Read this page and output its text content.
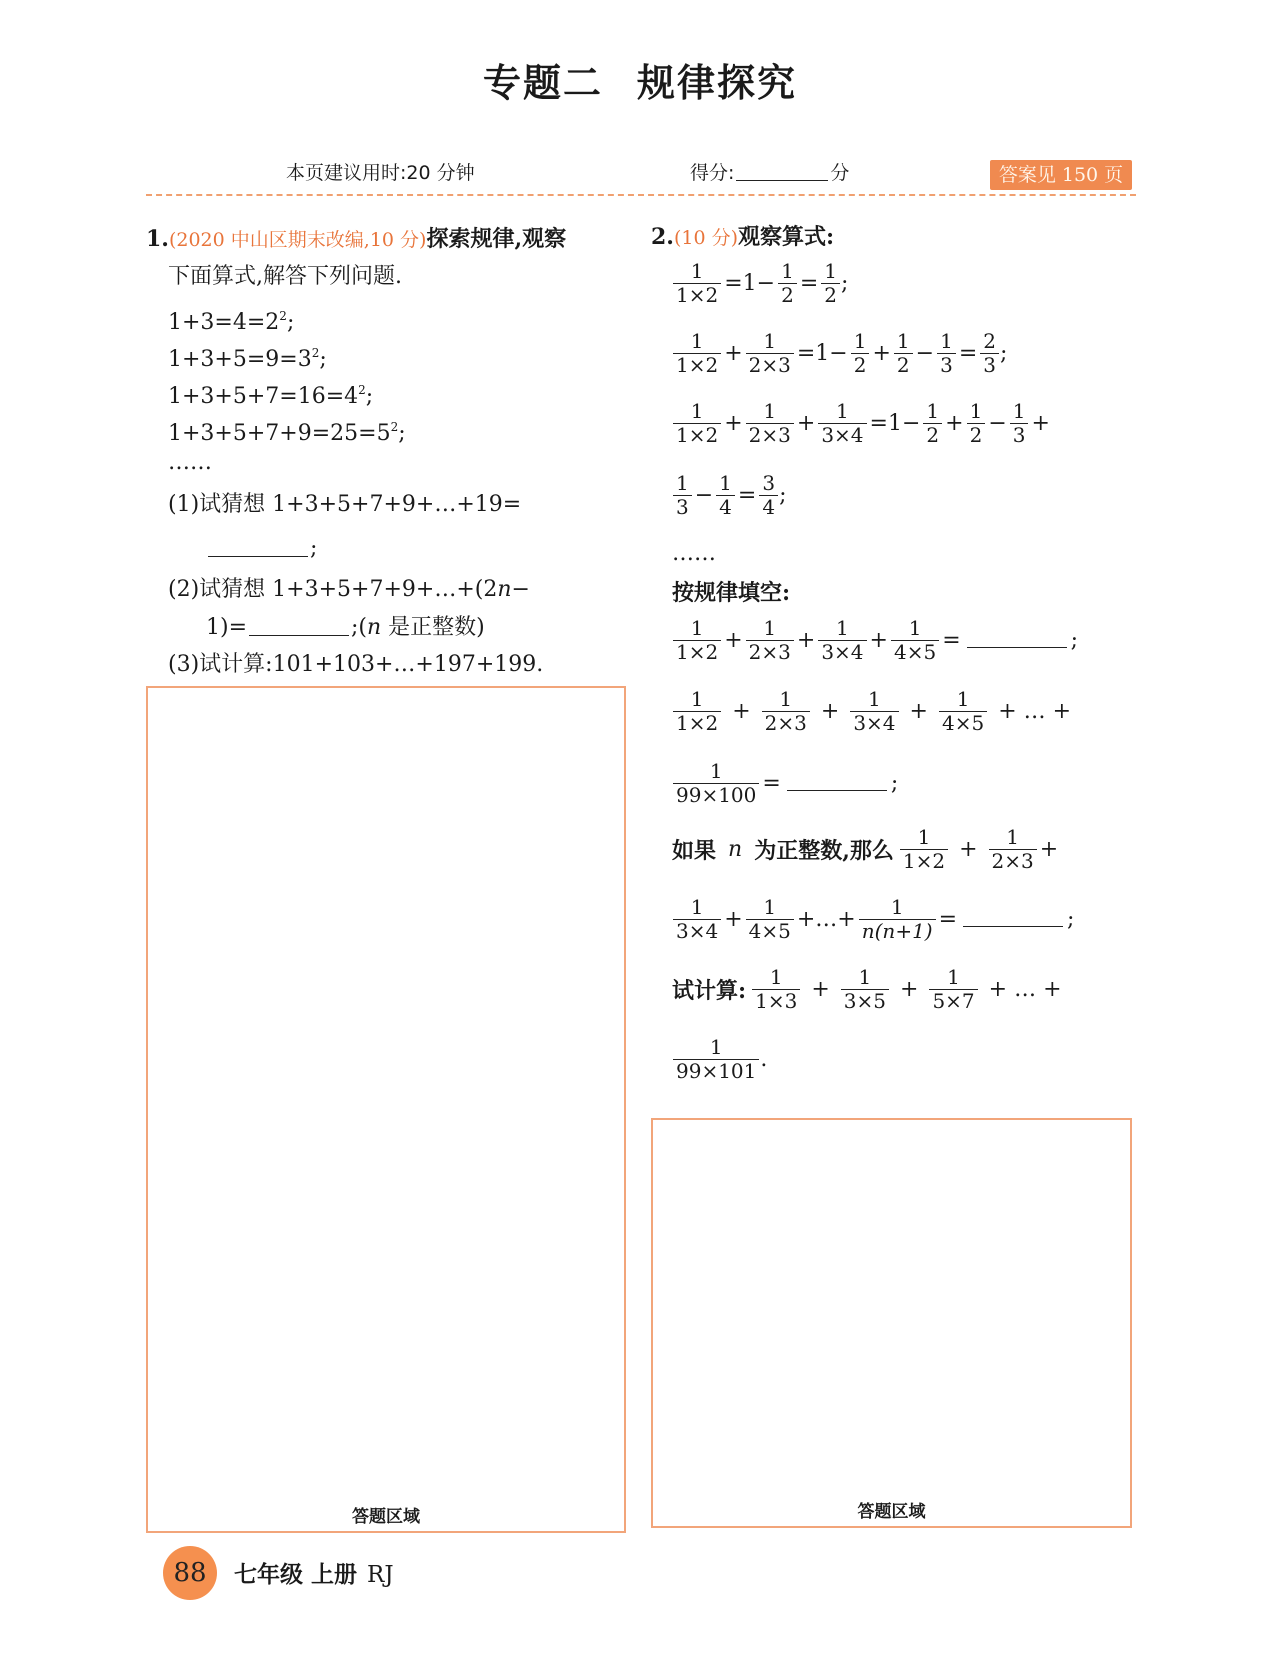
专题二 规律探究
本页建议用时:20 分钟	得分:	分	答案见 150 页
1.(2020 中山区期末改编,10 分)探索规律,观察
下面算式,解答下列问题.
$1+3=4=2^2$;
$1+3+5=9=3^2$;
$1+3+5+7=16=4^2$;
$1+3+5+7+9=25=5^2$;
……
(1)试猜想 1+3+5+7+9+…+19=
;
(2)试猜想 1+3+5+7+9+…+(2n−
1)=	;(n 是正整数)
(3)试计算:101+103+…+197+199.
答题区域
2.(10 分)观察算式:
$\frac{1}{1\times 2} =1- \frac{1}{2} = \frac{1}{2}$ ;
$\frac{1}{1\times 2} + \frac{1}{2\times 3} =1- \frac{1}{2} + \frac{1}{2} - \frac{1}{3} = \frac{2}{3}$ ;
$\frac{1}{1\times 2} + \frac{1}{2\times 3} + \frac{1}{3\times 4} =1- \frac{1}{2} + \frac{1}{2} - \frac{1}{3}$ +
$\frac{1}{3} - \frac{1}{4} = \frac{3}{4}$ ;
……
按规律填空:
$\frac{1}{1\times 2} + \frac{1}{2\times 3} + \frac{1}{3\times 4} + \frac{1}{4\times 5}$ =	;
$\frac{1}{1\times 2} + \frac{1}{2\times 3} + \frac{1}{3\times 4} + \frac{1}{4\times 5}$ + … +
$\frac{1}{99\times 100}$ =	;
如果 n 为正整数,那么 $\frac{1}{1\times 2} + \frac{1}{2\times 3}$ +
$\frac{1}{3\times 4} + \frac{1}{4\times 5}$ +…+ $\frac{1}{n(n+1)}$ =	;
试计算: $\frac{1}{1\times 3} + \frac{1}{3\times 5} + \frac{1}{5\times 7}$ + … +
$\frac{1}{99\times 101}$ .
答题区域
88	七年级 上册 RJ
